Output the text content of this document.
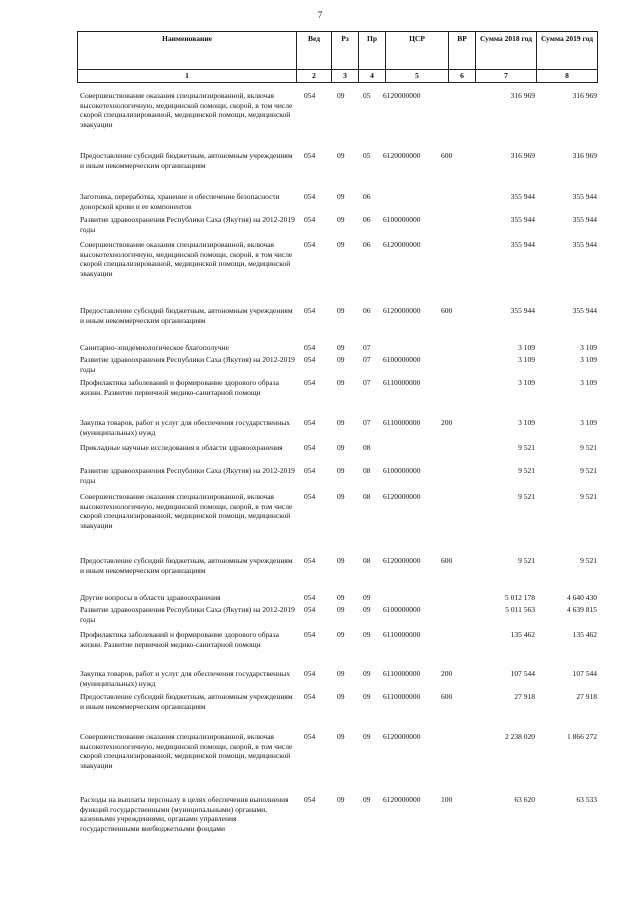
7
Наименование	Вед	Рз	Пр	ЦСР	ВР	Сумма 2018 год	Сумма 2019 год
1	2	3	4	5	6	7	8
Совершенствование оказания специализированной, включая высокотехнологичную, медицинской помощи, скорой, в том числе скорой специализированной, медицинской помощи, медицинской эвакуации
054	09 05 6120000000	316 969	316 969
Предоставление субсидий бюджетным, автономным учреждениям и иным некоммерческим организациям
054	09 05 6120000000	600	316 969	316 969
Заготовка, переработка, хранение и обеспечение безопасности донорской крови и ее компонентов
054	09 06	355 944	355 944
Развитие здравоохранения Республики Саха (Якутия) на 2012-2019 годы
054	09 06 6100000000	355 944	355 944
Совершенствование оказания специализированной, включая высокотехнологичную, медицинской помощи, скорой, в том числе скорой специализированной, медицинской помощи, медицинской эвакуации
054	09 06 6120000000	355 944	355 944
Предоставление субсидий бюджетным, автономным учреждениям и иным некоммерческим организациям
054	09 06 6120000000	600	355 944	355 944
Санитарно-эпидемиологическое благополучие	054	09 07	3 109	3 109
Развитие здравоохранения Республики Саха (Якутия) на 2012-2019 годы
054	09 07 6100000000	3 109	3 109
Профилактика заболеваний и формирование здорового образа жизни. Развитие первичной медико-санитарной помощи
054	09 07 6110000000	3 109	3 109
Закупка товаров, работ и услуг для обеспечения государственных (муниципальных) нужд
054	09 07 6110000000	200	3 109	3 109
Прикладные научные исследования в области здравоохранения	054	09 08	9 521	9 521
Развитие здравоохранения Республики Саха (Якутия) на 2012-2019 годы
054	09 08 6100000000	9 521	9 521
Совершенствование оказания специализированной, включая высокотехнологичную, медицинской помощи, скорой, в том числе скорой специализированной, медицинской помощи, медицинской эвакуации
054	09 08 6120000000	9 521	9 521
Предоставление субсидий бюджетным, автономным учреждениям и иным некоммерческим организациям
054	09 08 6120000000	600	9 521	9 521
Другие вопросы в области здравоохранения	054	09 09	5 012 178	4 640 430
Развитие здравоохранения Республики Саха (Якутия) на 2012-2019 годы
054	09 09 6100000000	5 011 563	4 639 815
Профилактика заболеваний и формирование здорового образа жизни. Развитие первичной медико-санитарной помощи
054	09 09 6110000000	135 462	135 462
Закупка товаров, работ и услуг для обеспечения государственных (муниципальных) нужд
054	09 09 6110000000	200	107 544	107 544
Предоставление субсидий бюджетным, автономным учреждениям и иным некоммерческим организациям
054	09 09 6110000000	600	27 918	27 918
Совершенствование оказания специализированной, включая высокотехнологичную, медицинской помощи, скорой, в том числе скорой специализированной, медицинской помощи, медицинской эвакуации
054	09 09 6120000000	2 238 020	1 866 272
Расходы на выплаты персоналу в целях обеспечения выполнения функций государственными (муниципальными) органами, казенными учреждениями, органами управления государственными внебюджетными фондами
054	09 09 6120000000	100	63 620	63 533
